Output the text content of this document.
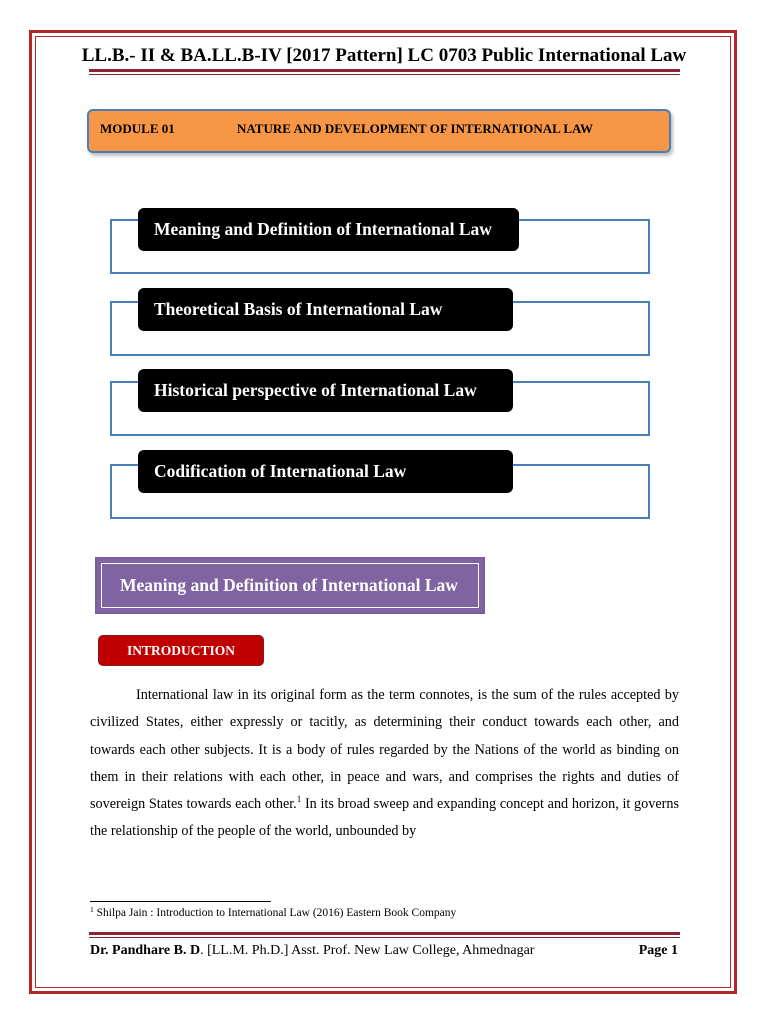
LL.B.- II & BA.LL.B-IV [2017 Pattern] LC 0703 Public International Law
MODULE 01	NATURE AND DEVELOPMENT OF INTERNATIONAL LAW
Meaning and Definition of International Law
Theoretical Basis of International Law
Historical perspective of International Law
Codification of International Law
Meaning and Definition of International Law
INTRODUCTION

International law in its original form as the term connotes, is the sum of the rules accepted by civilized States, either expressly or tacitly, as determining their conduct towards each other, and towards each other subjects. It is a body of rules regarded by the Nations of the world as binding on them in their relations with each other, in peace and wars, and comprises the rights and duties of sovereign States towards each other.$^1$ In its broad sweep and expanding concept and horizon, it governs the relationship of the people of the world, unbounded by

$^1$ Shilpa Jain : Introduction to International Law (2016) Eastern Book Company
Dr. Pandhare B. D. [LL.M. Ph.D.] Asst. Prof. New Law College, Ahmednagar	Page 1
